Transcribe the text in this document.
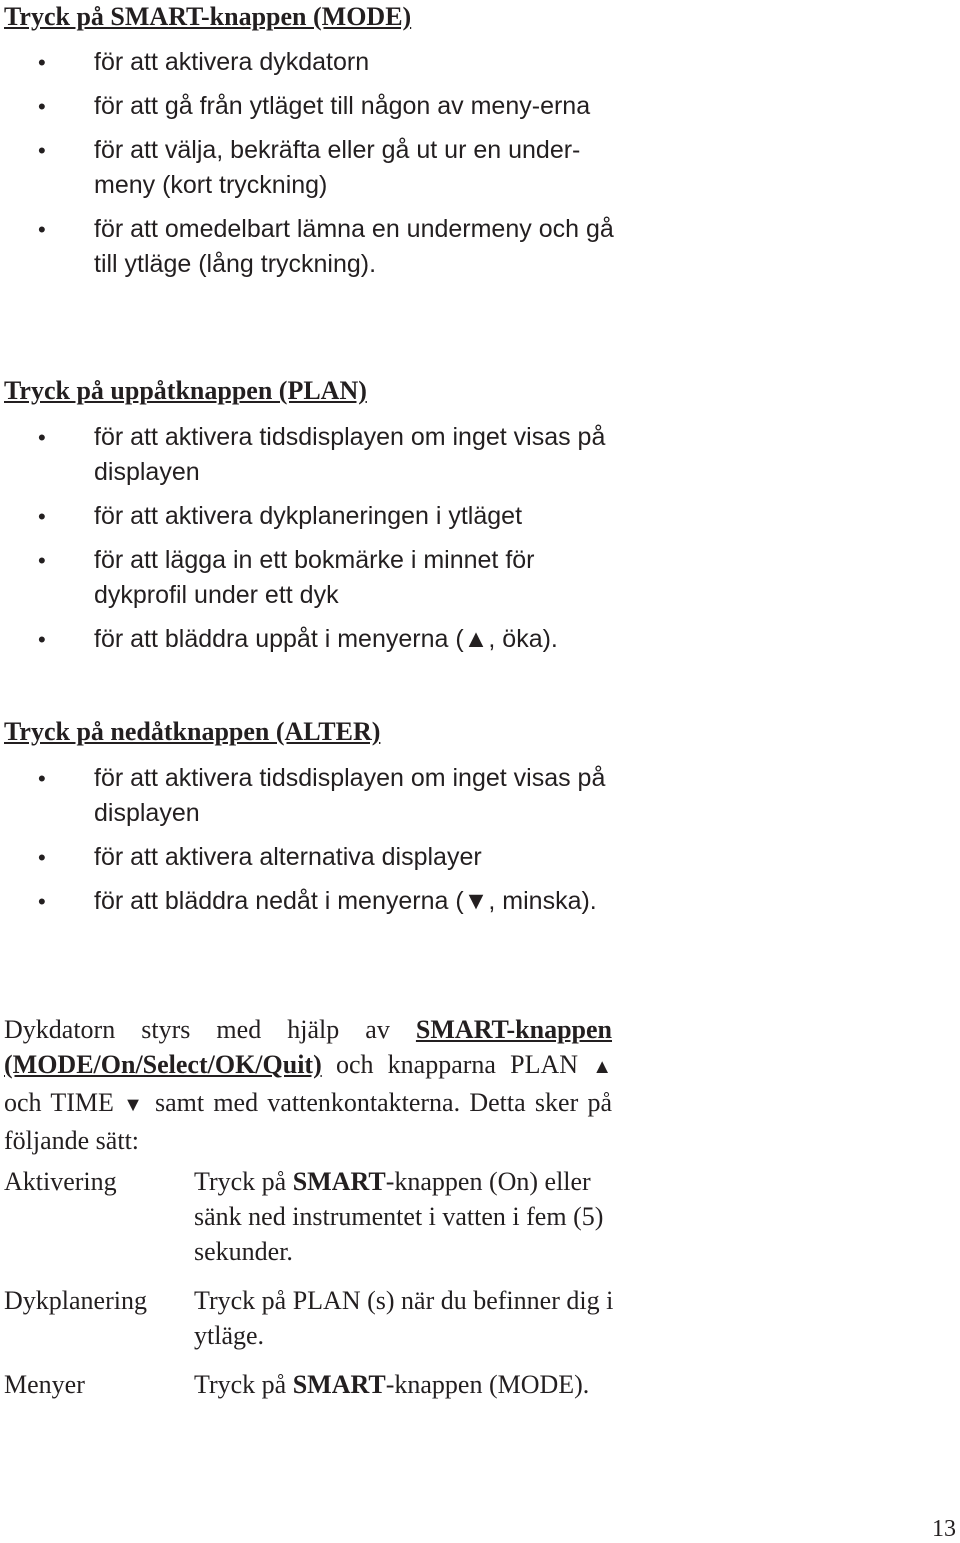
Tryck på SMART-knappen (MODE)
• för att aktivera dykdatorn
• för att gå från ytläget till någon av meny-erna
• för att välja, bekräfta eller gå ut ur en under-meny (kort tryckning)
• för att omedelbart lämna en undermeny och gå till ytläge (lång tryckning).
Tryck på uppåtknappen (PLAN)
• för att aktivera tidsdisplayen om inget visas på displayen
• för att aktivera dykplaneringen i ytläget
• för att lägga in ett bokmärke i minnet för dykprofil under ett dyk
• för att bläddra uppåt i menyerna (▲, öka).
Tryck på nedåtknappen (ALTER)
• för att aktivera tidsdisplayen om inget visas på displayen
• för att aktivera alternativa displayer
• för att bläddra nedåt i menyerna (▼, minska).

Dykdatorn styrs med hjälp av SMART-knappen (MODE/On/Select/OK/Quit) och knapparna PLAN ▲ och TIME ▼ samt med vattenkontakterna. Detta sker på följande sätt:

Aktivering	Tryck på SMART-knappen (On) eller sänk ned instrumentet i vatten i fem (5) sekunder.
Dykplanering Tryck på PLAN (s) när du befinner dig i ytläge.
Menyer	Tryck på SMART-knappen (MODE).
13
